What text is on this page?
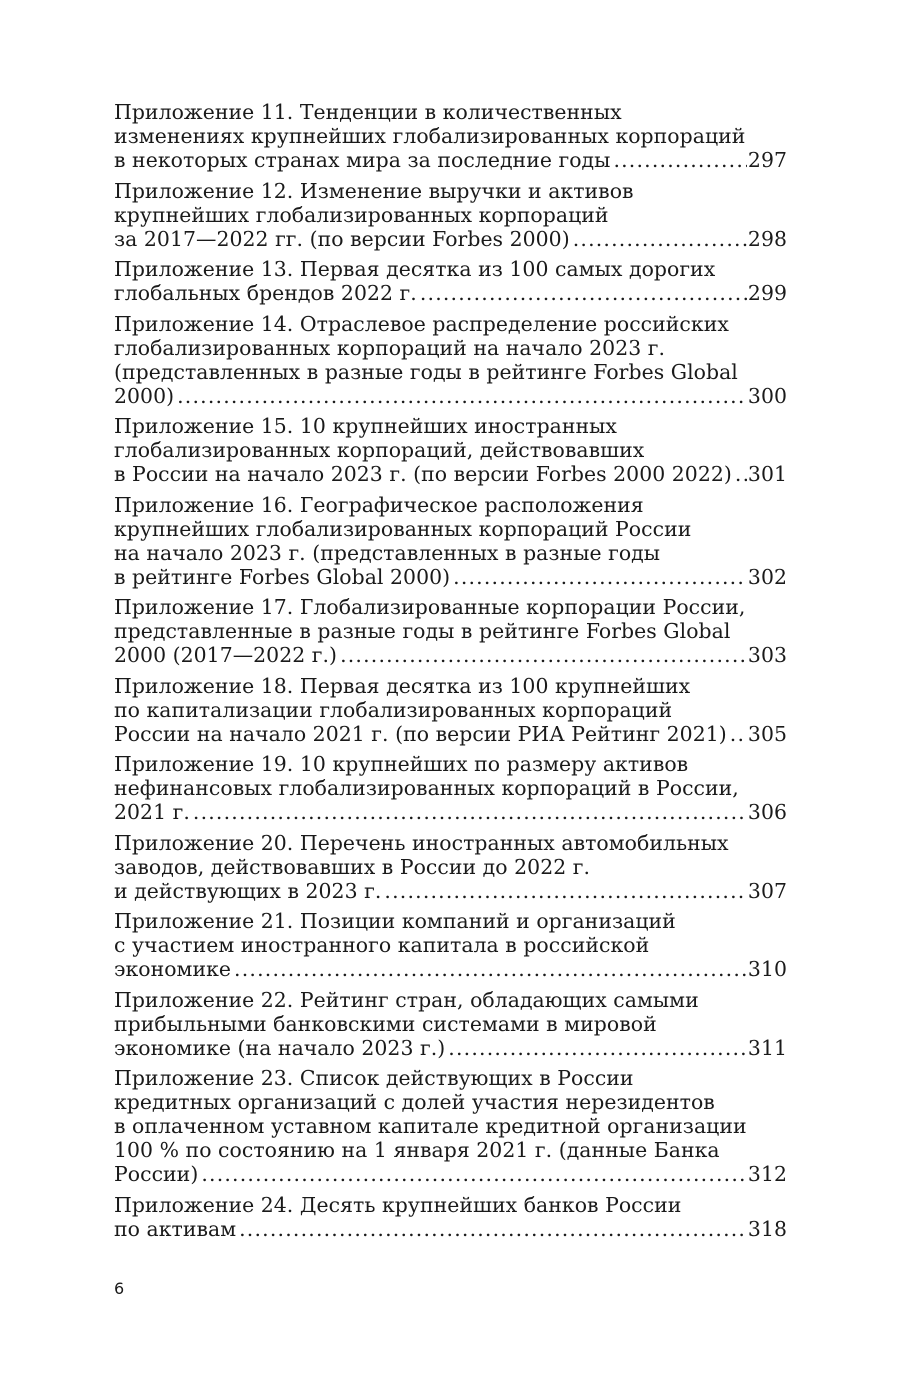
Приложение 11. Тенденции в количественных
изменениях крупнейших глобализированных корпораций
в некоторых странах мира за последние годы .....	297
Приложение 12. Изменение выручки и активов
крупнейших глобализированных корпораций
за 2017—2022 гг. (по версии Forbes 2000) .....	298
Приложение 13. Первая десятка из 100 самых дорогих
глобальных брендов 2022 г. .....	299
Приложение 14. Отраслевое распределение российских
глобализированных корпораций на начало 2023 г.
(представленных в разные годы в рейтинге Forbes Global
2000) .....	300
Приложение 15. 10 крупнейших иностранных
глобализированных корпораций, действовавших
в России на начало 2023 г. (по версии Forbes 2000 2022) ..... 301
Приложение 16. Географическое расположения
крупнейших глобализированных корпораций России
на начало 2023 г. (представленных в разные годы
в рейтинге Forbes Global 2000) .....	302
Приложение 17. Глобализированные корпорации России,
представленные в разные годы в рейтинге Forbes Global
2000 (2017—2022 г.) .....	303
Приложение 18. Первая десятка из 100 крупнейших
по капитализации глобализированных корпораций
России на начало 2021 г. (по версии РИА Рейтинг 2021) ..... 305
Приложение 19. 10 крупнейших по размеру активов
нефинансовых глобализированных корпораций в России,
2021 г. .....	306
Приложение 20. Перечень иностранных автомобильных
заводов, действовавших в России до 2022 г.
и действующих в 2023 г. .....	307
Приложение 21. Позиции компаний и организаций
с участием иностранного капитала в российской
экономике .....	310
Приложение 22. Рейтинг стран, обладающих самыми
прибыльными банковскими системами в мировой
экономике (на начало 2023 г.) .....	311
Приложение 23. Список действующих в России
кредитных организаций с долей участия нерезидентов
в оплаченном уставном капитале кредитной организации
100 % по состоянию на 1 января 2021 г. (данные Банка
России) .....	312
Приложение 24. Десять крупнейших банков России
по активам .....	318
6
